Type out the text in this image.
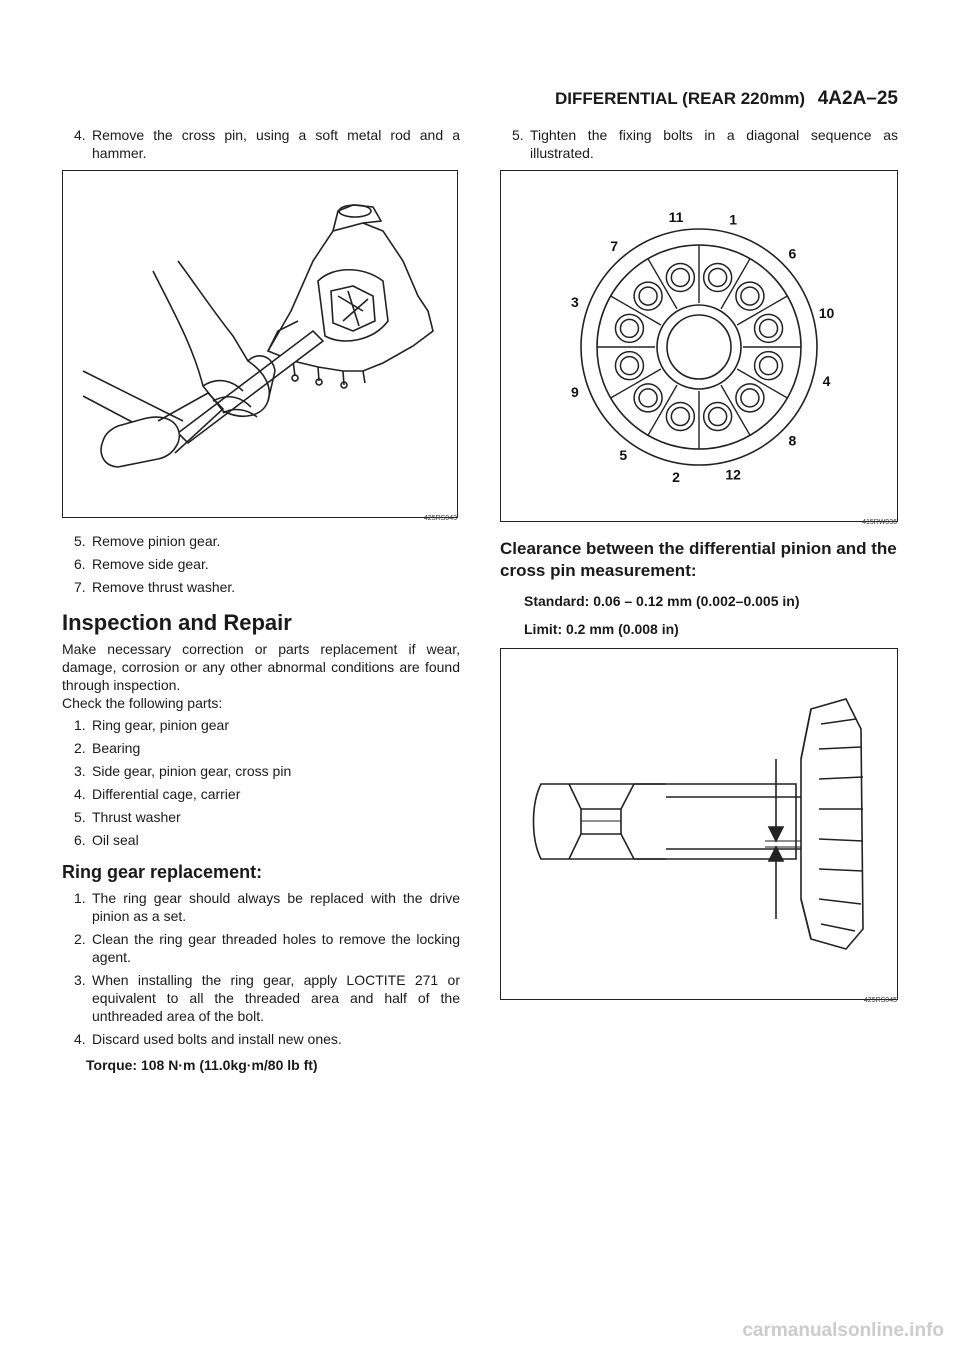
DIFFERENTIAL (REAR 220mm) 4A2A–25
4. Remove the cross pin, using a soft metal rod and a hammer.
425RS043
5. Remove pinion gear.
6. Remove side gear.
7. Remove thrust washer.
Inspection and Repair

Make necessary correction or parts replacement if wear, damage, corrosion or any other abnormal conditions are found through inspection.

Check the following parts:

1. Ring gear, pinion gear
2. Bearing
3. Side gear, pinion gear, cross pin
4. Differential cage, carrier
5. Thrust washer
6. Oil seal
Ring gear replacement:
1. The ring gear should always be replaced with the drive pinion as a set.
2. Clean the ring gear threaded holes to remove the locking agent.
3. When installing the ring gear, apply LOCTITE 271 or equivalent to all the threaded area and half of the unthreaded area of the bolt.
4. Discard used bolts and install new ones.
Torque: 108 N·m (11.0kg·m/80 lb ft)
5. Tighten the fixing bolts in a diagonal sequence as illustrated.
11	1
7	6
3
10
9
4
5
8
2	12
415RW036
Clearance between the differential pinion and the cross pin measurement:
Standard: 0.06 – 0.12 mm (0.002–0.005 in)
Limit: 0.2 mm (0.008 in)
425RS045
carmanualsonline.info
